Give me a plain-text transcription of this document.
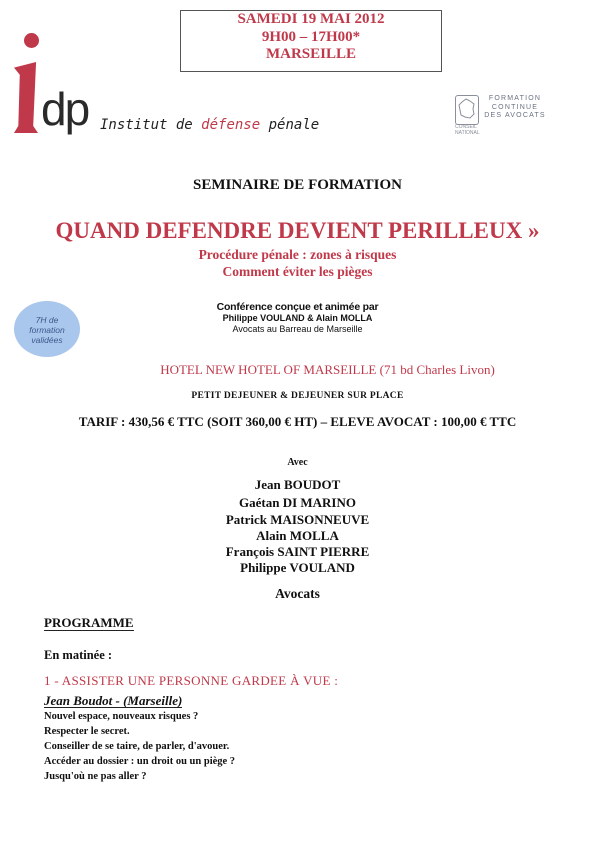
SAMEDI 19 MAI 2012
9H00 – 17H00*
MARSEILLE
dp Institut de défense pénale
FORMATION
CONTINUE
DES AVOCATS
CONSEIL
NATIONAL
7H de
formation
validées
SEMINAIRE DE FORMATION
QUAND DEFENDRE DEVIENT PERILLEUX »
Procédure pénale : zones à risques
Comment éviter les pièges
Conférence conçue et animée par
Philippe VOULAND & Alain MOLLA
Avocats au Barreau de Marseille
HOTEL NEW HOTEL OF MARSEILLE (71 bd Charles Livon)
PETIT DEJEUNER & DEJEUNER SUR PLACE
TARIF : 430,56 € TTC (SOIT 360,00 € HT) – ELEVE AVOCAT : 100,00 € TTC
Avec
Jean BOUDOT
Gaétan DI MARINO
Patrick MAISONNEUVE
Alain MOLLA
François SAINT PIERRE
Philippe VOULAND
Avocats
PROGRAMME
En matinée :
1 - ASSISTER UNE PERSONNE GARDEE À VUE :
Jean Boudot - (Marseille)
Nouvel espace, nouveaux risques ?
Respecter le secret.
Conseiller de se taire, de parler, d'avouer.
Accéder au dossier : un droit ou un piège ?
Jusqu'où ne pas aller ?
